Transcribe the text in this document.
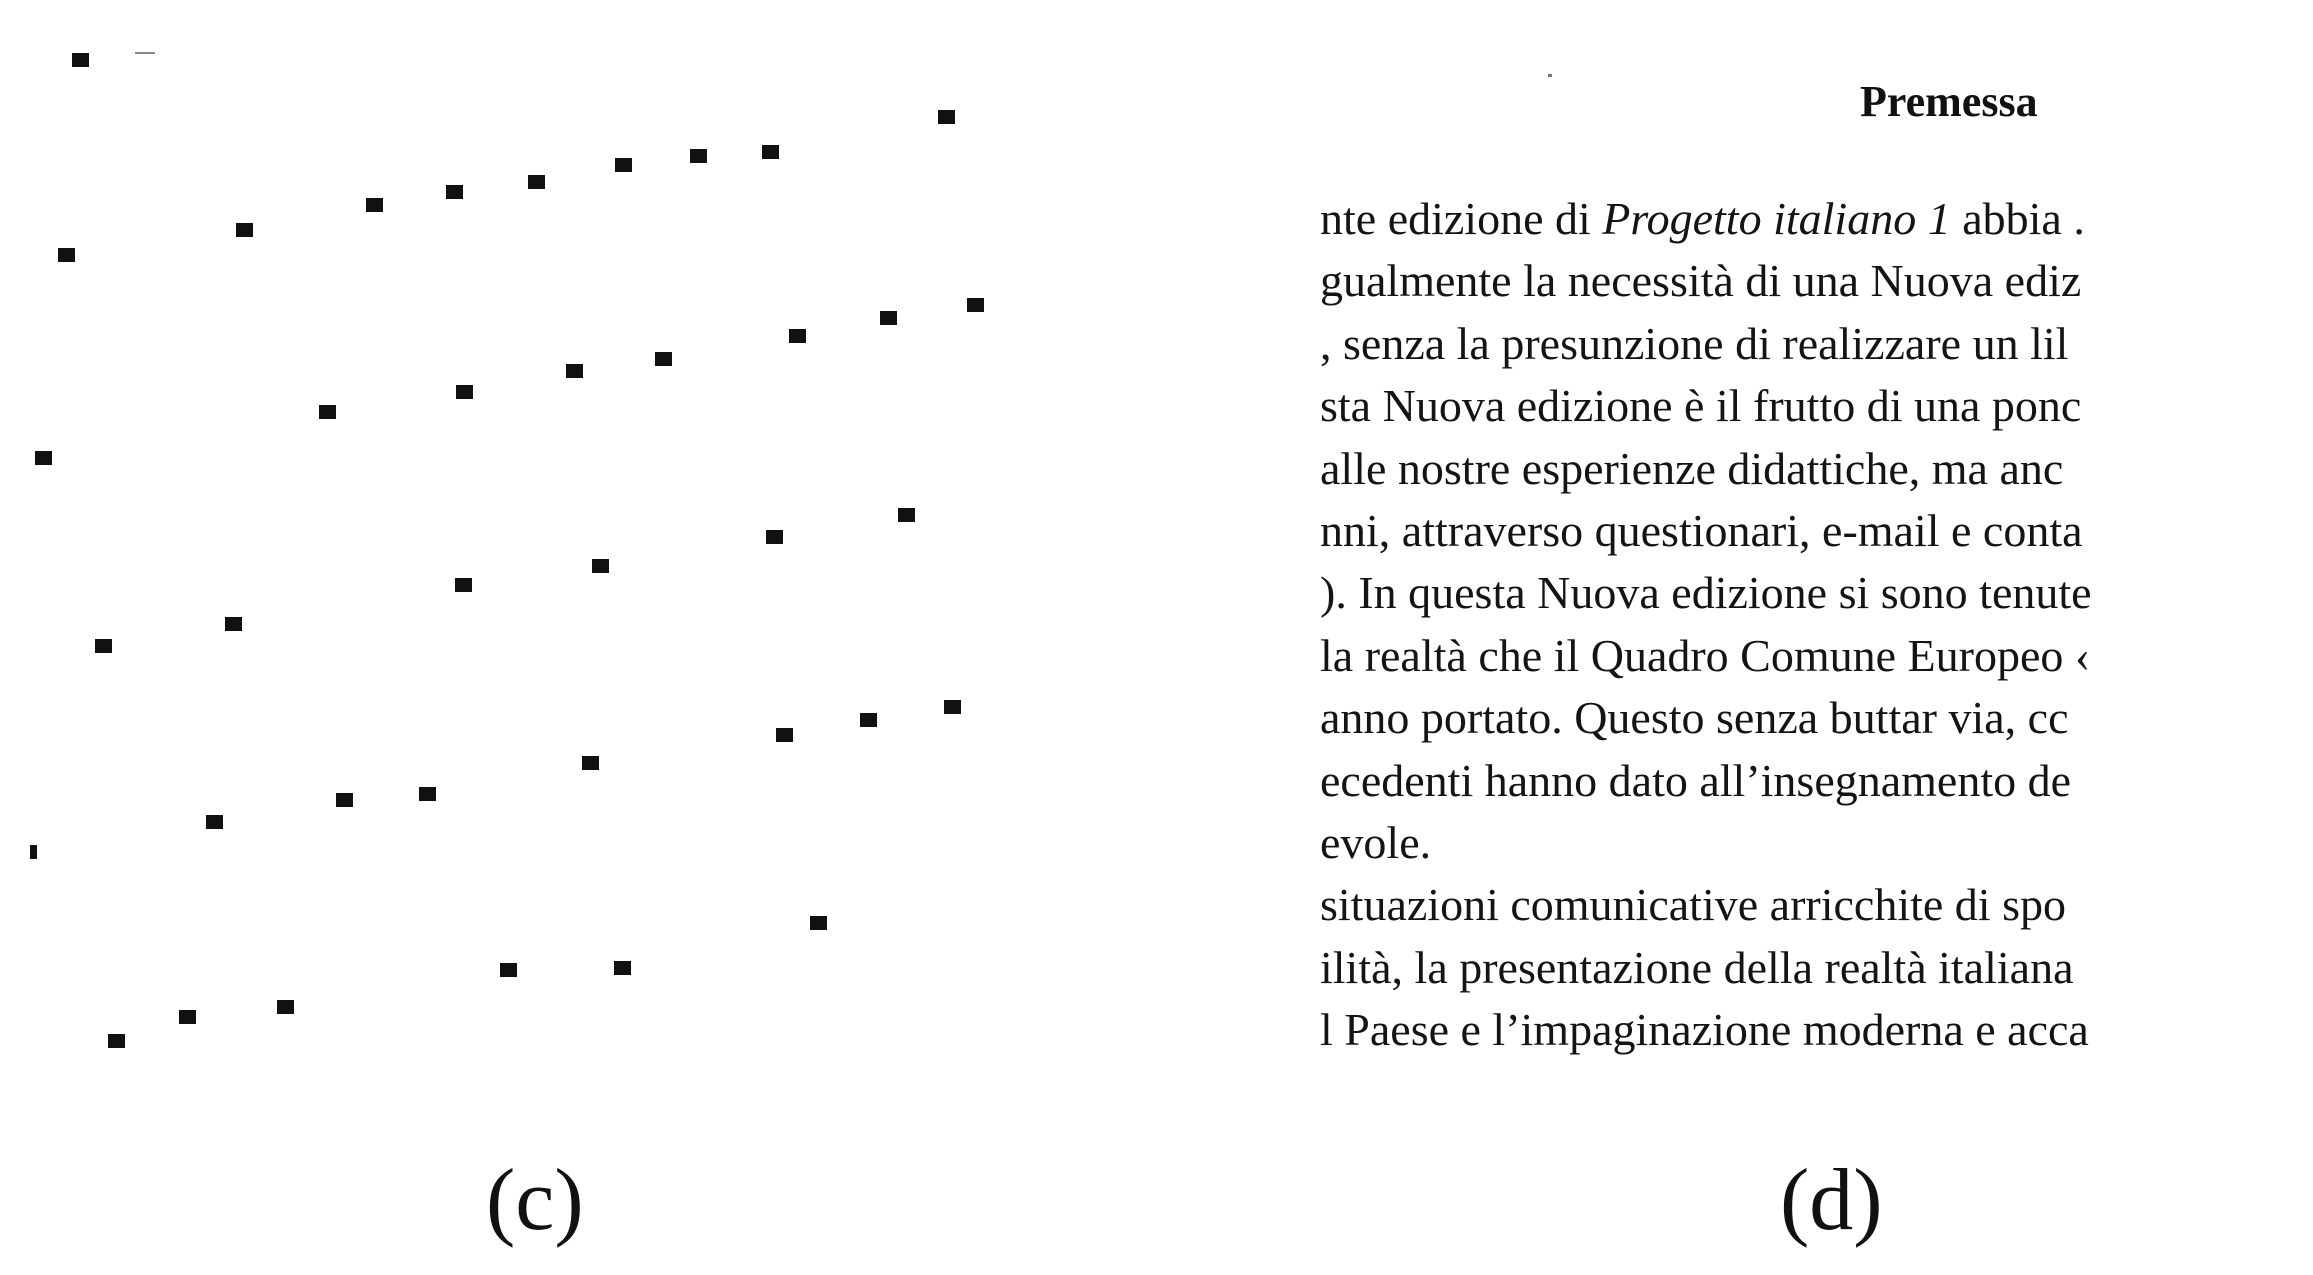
Premessa
nte edizione di Progetto italiano 1 abbia .
gualmente la necessità di una Nuova ediz
, senza la presunzione di realizzare un lil
sta Nuova edizione è il frutto di una ponc
alle nostre esperienze didattiche, ma anc
nni, attraverso questionari, e-mail e conta
). In questa Nuova edizione si sono tenute
la realtà che il Quadro Comune Europeo ‹
anno portato. Questo senza buttar via, cc
ecedenti hanno dato all’insegnamento de
evole.
situazioni comunicative arricchite di spo
ilità, la presentazione della realtà italiana
l Paese e l’impaginazione moderna e acca
(c)	(d)
